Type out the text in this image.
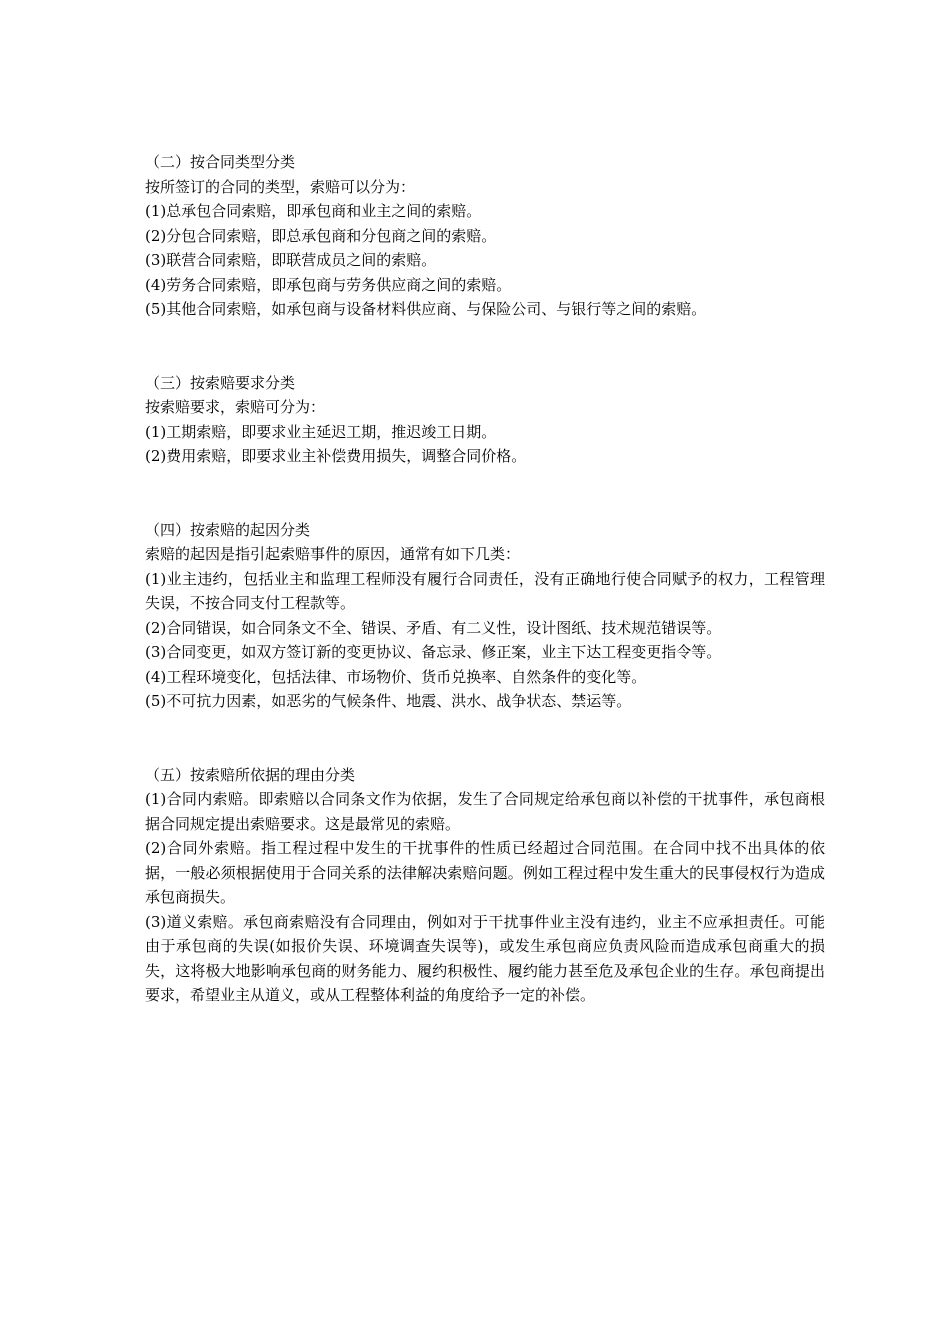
（二）按合同类型分类

按所签订的合同的类型，索赔可以分为：

(1)总承包合同索赔，即承包商和业主之间的索赔。

(2)分包合同索赔，即总承包商和分包商之间的索赔。

(3)联营合同索赔，即联营成员之间的索赔。

(4)劳务合同索赔，即承包商与劳务供应商之间的索赔。

(5)其他合同索赔，如承包商与设备材料供应商、与保险公司、与银行等之间的索赔。

（三）按索赔要求分类

按索赔要求，索赔可分为：

(1)工期索赔，即要求业主延迟工期，推迟竣工日期。

(2)费用索赔，即要求业主补偿费用损失，调整合同价格。

（四）按索赔的起因分类

索赔的起因是指引起索赔事件的原因，通常有如下几类：

(1)业主违约，包括业主和监理工程师没有履行合同责任，没有正确地行使合同赋予的权力，工程管理失误，不按合同支付工程款等。

(2)合同错误，如合同条文不全、错误、矛盾、有二义性，设计图纸、技术规范错误等。

(3)合同变更，如双方签订新的变更协议、备忘录、修正案，业主下达工程变更指令等。

(4)工程环境变化，包括法律、市场物价、货币兑换率、自然条件的变化等。

(5)不可抗力因素，如恶劣的气候条件、地震、洪水、战争状态、禁运等。

（五）按索赔所依据的理由分类

(1)合同内索赔。即索赔以合同条文作为依据，发生了合同规定给承包商以补偿的干扰事件，承包商根据合同规定提出索赔要求。这是最常见的索赔。

(2)合同外索赔。指工程过程中发生的干扰事件的性质已经超过合同范围。在合同中找不出具体的依据，一般必须根据使用于合同关系的法律解决索赔问题。例如工程过程中发生重大的民事侵权行为造成承包商损失。

(3)道义索赔。承包商索赔没有合同理由，例如对于干扰事件业主没有违约，业主不应承担责任。可能由于承包商的失误(如报价失误、环境调查失误等)，或发生承包商应负责风险而造成承包商重大的损失，这将极大地影响承包商的财务能力、履约积极性、履约能力甚至危及承包企业的生存。承包商提出要求，希望业主从道义，或从工程整体利益的角度给予一定的补偿。
